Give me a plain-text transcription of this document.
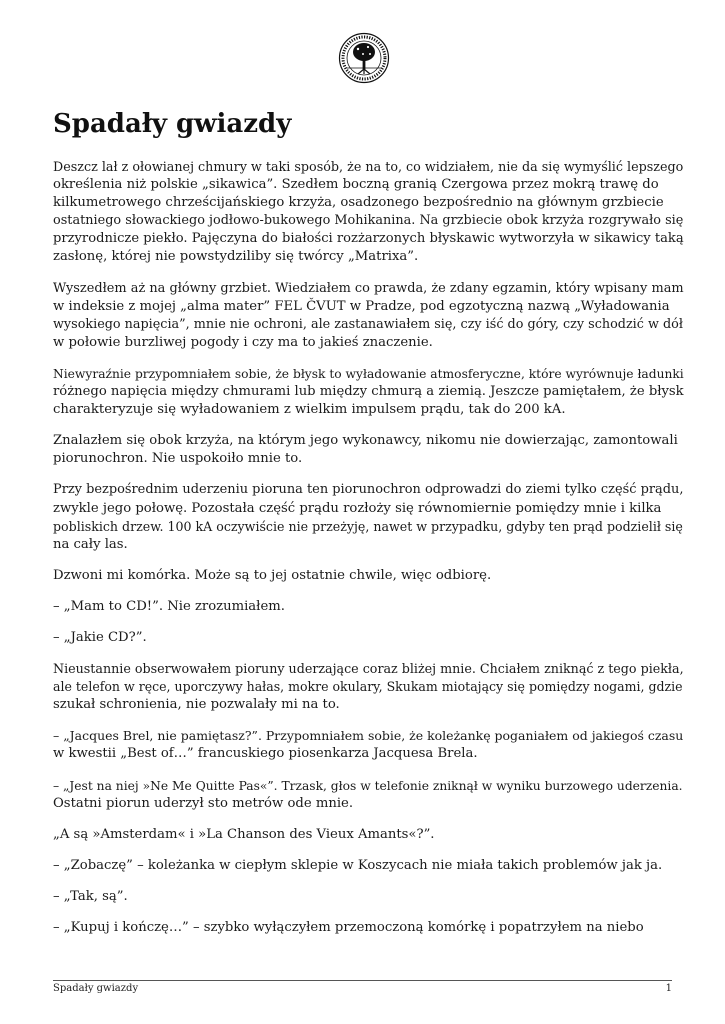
Spadały gwiazdy

Deszcz lał z ołowianej chmury w taki sposób, że na to, co widziałem, nie da się wymyślić lepszego
określenia niż polskie „sikawica”. Szedłem boczną granią Czergowa przez mokrą trawę do
kilkumetrowego chrześcijańskiego krzyża, osadzonego bezpośrednio na głównym grzbiecie
ostatniego słowackiego jodłowo-bukowego Mohikanina. Na grzbiecie obok krzyża rozgrywało się
przyrodnicze piekło. Pajęczyna do białości rozżarzonych błyskawic wytworzyła w sikawicy taką
zasłonę, której nie powstydziliby się twórcy „Matrixa”.

Wyszedłem aż na główny grzbiet. Wiedziałem co prawda, że zdany egzamin, który wpisany mam
w indeksie z mojej „alma mater” FEL ČVUT w Pradze, pod egzotyczną nazwą „Wyładowania
wysokiego napięcia”, mnie nie ochroni, ale zastanawiałem się, czy iść do góry, czy schodzić w dół
w połowie burzliwej pogody i czy ma to jakieś znaczenie.

Niewyraźnie przypomniałem sobie, że błysk to wyładowanie atmosferyczne, które wyrównuje ładunki
różnego napięcia między chmurami lub między chmurą a ziemią. Jeszcze pamiętałem, że błysk
charakteryzuje się wyładowaniem z wielkim impulsem prądu, tak do 200 kA.

Znalazłem się obok krzyża, na którym jego wykonawcy, nikomu nie dowierzając, zamontowali
piorunochron. Nie uspokoiło mnie to.

Przy bezpośrednim uderzeniu pioruna ten piorunochron odprowadzi do ziemi tylko część prądu,
zwykle jego połowę. Pozostała część prądu rozłoży się równomiernie pomiędzy mnie i kilka
pobliskich drzew. 100 kA oczywiście nie przeżyję, nawet w przypadku, gdyby ten prąd podzielił się
na cały las.

Dzwoni mi komórka. Może są to jej ostatnie chwile, więc odbiorę.

– „Mam to CD!”. Nie zrozumiałem.

– „Jakie CD?”.

Nieustannie obserwowałem pioruny uderzające coraz bliżej mnie. Chciałem zniknąć z tego piekła,
ale telefon w ręce, uporczywy hałas, mokre okulary, Skukam miotający się pomiędzy nogami, gdzie
szukał schronienia, nie pozwalały mi na to.

– „Jacques Brel, nie pamiętasz?”. Przypomniałem sobie, że koleżankę poganiałem od jakiegoś czasu
w kwestii „Best of…” francuskiego piosenkarza Jacquesa Brela.

– „Jest na niej »Ne Me Quitte Pas«”. Trzask, głos w telefonie zniknął w wyniku burzowego uderzenia.
Ostatni piorun uderzył sto metrów ode mnie.

„A są »Amsterdam« i »La Chanson des Vieux Amants«?”.

– „Zobaczę” – koleżanka w ciepłym sklepie w Koszycach nie miała takich problemów jak ja.

– „Tak, są”.

– „Kupuj i kończę…” – szybko wyłączyłem przemoczoną komórkę i popatrzyłem na niebo

Spadały gwiazdy	1
